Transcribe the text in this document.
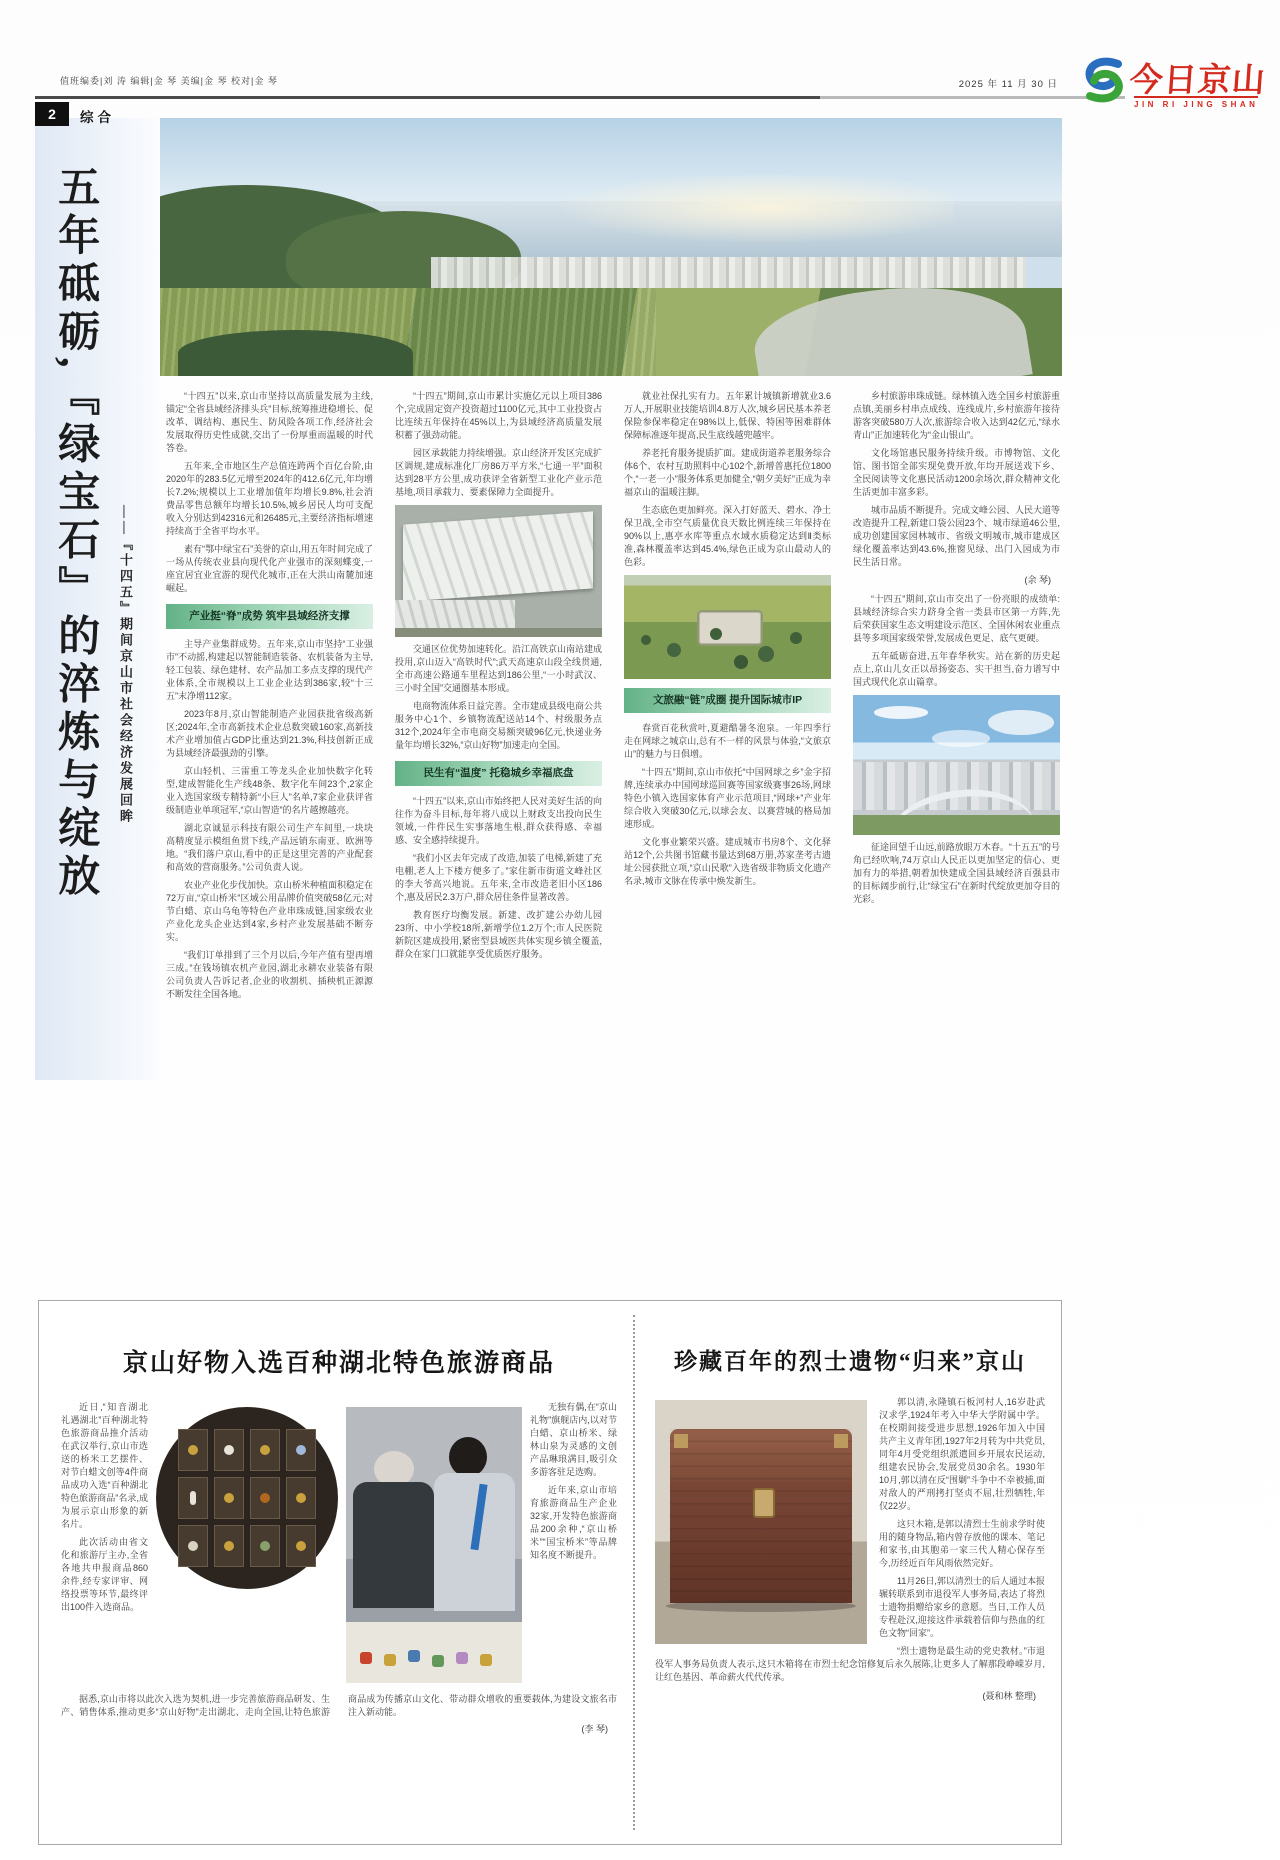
值班编委|刘 涛 编辑|金 琴 美编|金 琴 校对|金 琴	2025 年 11 月 30 日
2	综合
今日京山
JIN RI JING SHAN
五年砥砺,『绿宝石』的淬炼与绽放 ——『十四五』期间京山市社会经济发展回眸

“十四五”以来,京山市坚持以高质量发展为主线,锚定“全省县域经济排头兵”目标,统筹推进稳增长、促改革、调结构、惠民生、防风险各项工作,经济社会发展取得历史性成就,交出了一份厚重而温暖的时代答卷。

五年来,全市地区生产总值连跨两个百亿台阶,由2020年的283.5亿元增至2024年的412.6亿元,年均增长7.2%;规模以上工业增加值年均增长9.8%,社会消费品零售总额年均增长10.5%,城乡居民人均可支配收入分别达到42316元和26485元,主要经济指标增速持续高于全省平均水平。

素有“鄂中绿宝石”美誉的京山,用五年时间完成了一场从传统农业县向现代化产业强市的深刻蝶变,一座宜居宜业宜游的现代化城市,正在大洪山南麓加速崛起。

产业挺“脊”成势 筑牢县域经济支撑

主导产业集群成势。五年来,京山市坚持“工业强市”不动摇,构建起以智能制造装备、农机装备为主导,轻工包装、绿色建材、农产品加工多点支撑的现代产业体系,全市规模以上工业企业达到386家,较“十三五”末净增112家。

2023年8月,京山智能制造产业园获批省级高新区;2024年,全市高新技术企业总数突破160家,高新技术产业增加值占GDP比重达到21.3%,科技创新正成为县域经济最强劲的引擎。

京山轻机、三雷重工等龙头企业加快数字化转型,建成智能化生产线48条、数字化车间23个,2家企业入选国家级专精特新“小巨人”名单,7家企业获评省级制造业单项冠军,“京山智造”的名片越擦越亮。

湖北京诚显示科技有限公司生产车间里,一块块高精度显示模组鱼贯下线,产品远销东南亚、欧洲等地。“我们落户京山,看中的正是这里完善的产业配套和高效的营商服务。”公司负责人说。

农业产业化步伐加快。京山桥米种植面积稳定在72万亩,“京山桥米”区域公用品牌价值突破58亿元;对节白蜡、京山乌龟等特色产业串珠成链,国家级农业产业化龙头企业达到4家,乡村产业发展基础不断夯实。

“我们订单排到了三个月以后,今年产值有望再增三成。”在钱场镇农机产业园,湖北永耕农业装备有限公司负责人告诉记者,企业的收割机、插秧机正源源不断发往全国各地。

“十四五”期间,京山市累计实施亿元以上项目386个,完成固定资产投资超过1100亿元,其中工业投资占比连续五年保持在45%以上,为县域经济高质量发展积蓄了强劲动能。

园区承载能力持续增强。京山经济开发区完成扩区调规,建成标准化厂房86万平方米,“七通一平”面积达到28平方公里,成功获评全省新型工业化产业示范基地,项目承载力、要素保障力全面提升。

交通区位优势加速转化。沿江高铁京山南站建成投用,京山迈入“高铁时代”;武天高速京山段全线贯通,全市高速公路通车里程达到186公里,“一小时武汉、三小时全国”交通圈基本形成。

电商物流体系日益完善。全市建成县级电商公共服务中心1个、乡镇物流配送站14个、村级服务点312个,2024年全市电商交易额突破96亿元,快递业务量年均增长32%,“京山好物”加速走向全国。

民生有“温度” 托稳城乡幸福底盘

“十四五”以来,京山市始终把人民对美好生活的向往作为奋斗目标,每年将八成以上财政支出投向民生领域,一件件民生实事落地生根,群众获得感、幸福感、安全感持续提升。

“我们小区去年完成了改造,加装了电梯,新建了充电棚,老人上下楼方便多了。”家住新市街道文峰社区的李大爷高兴地说。五年来,全市改造老旧小区186个,惠及居民2.3万户,群众居住条件显著改善。

教育医疗均衡发展。新建、改扩建公办幼儿园23所、中小学校18所,新增学位1.2万个;市人民医院新院区建成投用,紧密型县域医共体实现乡镇全覆盖,群众在家门口就能享受优质医疗服务。

就业社保扎实有力。五年累计城镇新增就业3.6万人,开展职业技能培训4.8万人次,城乡居民基本养老保险参保率稳定在98%以上,低保、特困等困难群体保障标准逐年提高,民生底线越兜越牢。

养老托育服务提质扩面。建成街道养老服务综合体6个、农村互助照料中心102个,新增普惠托位1800个,“一老一小”服务体系更加健全,“朝夕美好”正成为幸福京山的温暖注脚。

生态底色更加鲜亮。深入打好蓝天、碧水、净土保卫战,全市空气质量优良天数比例连续三年保持在90%以上,惠亭水库等重点水域水质稳定达到Ⅱ类标准,森林覆盖率达到45.4%,绿色正成为京山最动人的色彩。

文旅融“链”成圈 提升国际城市IP

春赏百花秋赏叶,夏避酷暑冬泡泉。一年四季行走在网球之城京山,总有不一样的风景与体验,“文旅京山”的魅力与日俱增。

“十四五”期间,京山市依托“中国网球之乡”金字招牌,连续承办中国网球巡回赛等国家级赛事26场,网球特色小镇入选国家体育产业示范项目,“网球+”产业年综合收入突破30亿元,以球会友、以赛营城的格局加速形成。

文化事业繁荣兴盛。建成城市书房8个、文化驿站12个,公共图书馆藏书量达到68万册,苏家垄考古遗址公园获批立项,“京山民歌”入选省级非物质文化遗产名录,城市文脉在传承中焕发新生。

乡村旅游串珠成链。绿林镇入选全国乡村旅游重点镇,美丽乡村串点成线、连线成片,乡村旅游年接待游客突破580万人次,旅游综合收入达到42亿元,“绿水青山”正加速转化为“金山银山”。

文化场馆惠民服务持续升级。市博物馆、文化馆、图书馆全部实现免费开放,年均开展送戏下乡、全民阅读等文化惠民活动1200余场次,群众精神文化生活更加丰富多彩。

城市品质不断提升。完成文峰公园、人民大道等改造提升工程,新建口袋公园23个、城市绿道46公里,成功创建国家园林城市、省级文明城市,城市建成区绿化覆盖率达到43.6%,推窗见绿、出门入园成为市民生活日常。

(余 琴)

“十四五”期间,京山市交出了一份亮眼的成绩单:县域经济综合实力跻身全省一类县市区第一方阵,先后荣获国家生态文明建设示范区、全国休闲农业重点县等多项国家级荣誉,发展成色更足、底气更硬。

五年砥砺奋进,五年春华秋实。站在新的历史起点上,京山儿女正以昂扬姿态、实干担当,奋力谱写中国式现代化京山篇章。

征途回望千山远,前路放眼万木春。“十五五”的号角已经吹响,74万京山人民正以更加坚定的信心、更加有力的举措,朝着加快建成全国县域经济百强县市的目标阔步前行,让“绿宝石”在新时代绽放更加夺目的光彩。

京山好物入选百种湖北特色旅游商品

近日,“知音湖北 礼遇湖北”百种湖北特色旅游商品推介活动在武汉举行,京山市选送的桥米工艺摆件、对节白蜡文创等4件商品成功入选“百种湖北特色旅游商品”名录,成为展示京山形象的新名片。

此次活动由省文化和旅游厅主办,全省各地共申报商品860余件,经专家评审、网络投票等环节,最终评出100件入选商品。

无独有偶,在“京山礼物”旗舰店内,以对节白蜡、京山桥米、绿林山泉为灵感的文创产品琳琅满目,吸引众多游客驻足选购。

近年来,京山市培育旅游商品生产企业32家,开发特色旅游商品200余种,“京山桥米”“国宝桥米”等品牌知名度不断提升。

据悉,京山市将以此次入选为契机,进一步完善旅游商品研发、生产、销售体系,推动更多“京山好物”走出湖北、走向全国,让特色旅游商品成为传播京山文化、带动群众增收的重要载体,为建设文旅名市注入新动能。

(李 琴)
珍藏百年的烈士遗物“归来”京山

郭以清,永隆镇石板河村人,16岁赴武汉求学,1924年考入中华大学附属中学。在校期间接受进步思想,1926年加入中国共产主义青年团,1927年2月转为中共党员,同年4月受党组织派遣回乡开展农民运动,组建农民协会,发展党员30余名。1930年10月,郭以清在反“围剿”斗争中不幸被捕,面对敌人的严刑拷打坚贞不屈,壮烈牺牲,年仅22岁。

这只木箱,是郭以清烈士生前求学时使用的随身物品,箱内曾存放他的课本、笔记和家书,由其胞弟一家三代人精心保存至今,历经近百年风雨依然完好。

11月26日,郭以清烈士的后人通过本报辗转联系到市退役军人事务局,表达了将烈士遗物捐赠给家乡的意愿。当日,工作人员专程赴汉,迎接这件承载着信仰与热血的红色文物“回家”。

“烈士遗物是最生动的党史教材。”市退役军人事务局负责人表示,这只木箱将在市烈士纪念馆修复后永久展陈,让更多人了解那段峥嵘岁月,让红色基因、革命薪火代代传承。

(聂和林 整理)
